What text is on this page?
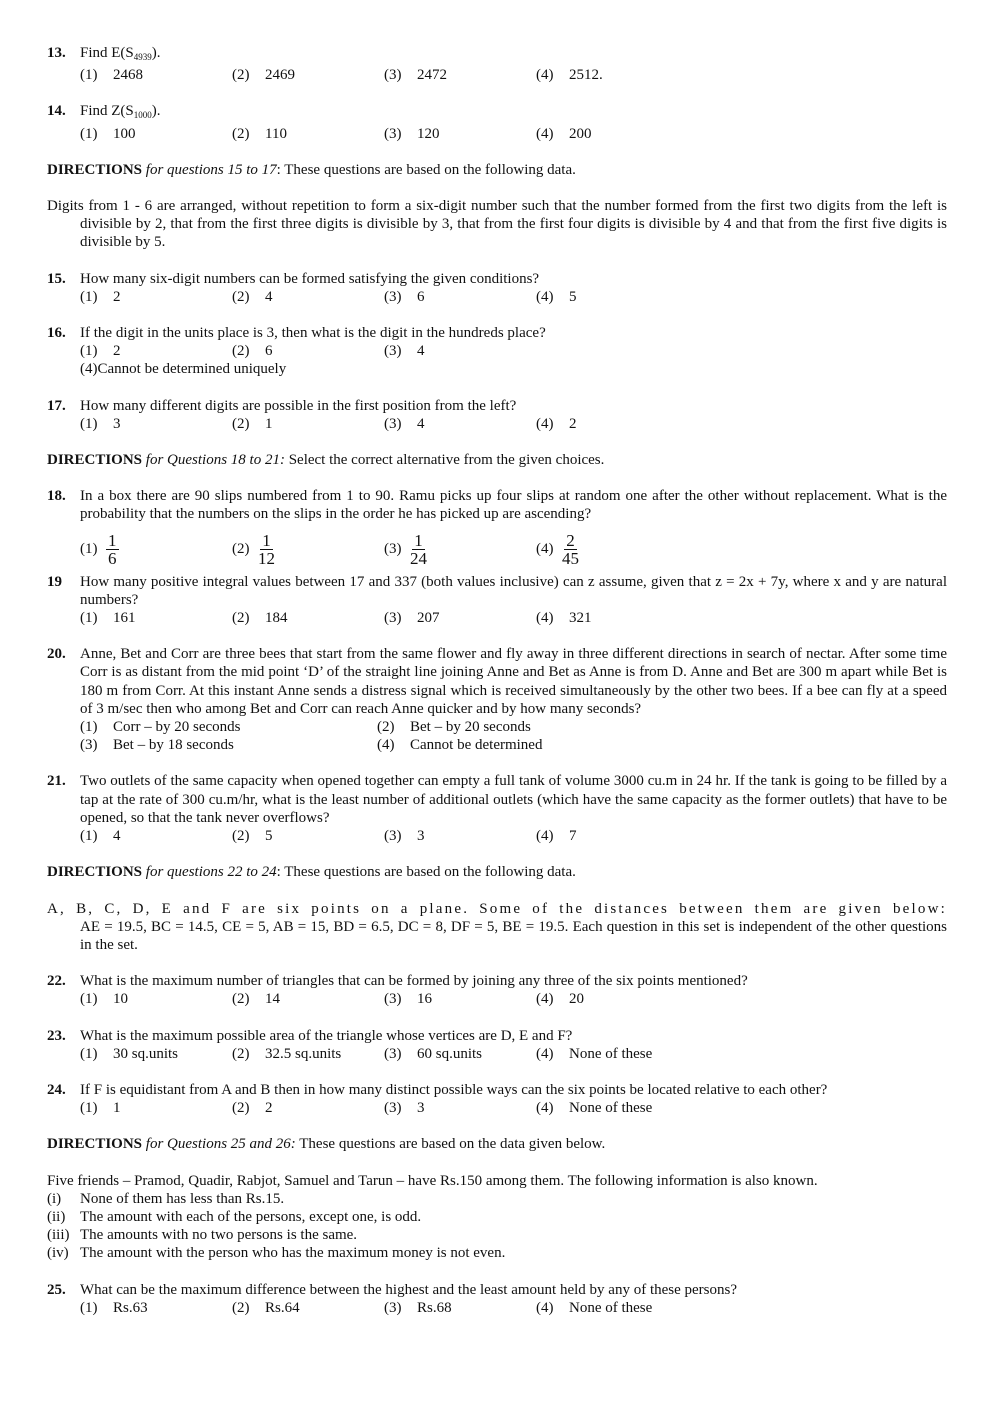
13. Find $E(S_{4939})$.
(1)	2468	(2)	2469	(3)	2472	(4)	2512.
14. Find $Z(S_{1000})$.
(1)	100	(2)	110	(3)	120	(4)	200
DIRECTIONS for questions 15 to 17: These questions are based on the following data.
Digits from 1 - 6 are arranged, without repetition to form a six-digit number such that the number formed from the first two digits from the left is divisible by 2, that from the first three digits is divisible by 3, that from the first four digits is divisible by 4 and that from the first five digits is divisible by 5.
15. How many six-digit numbers can be formed satisfying the given conditions?
(1)	2	(2)	4	(3)	6	(4)	5
16. If the digit in the units place is 3, then what is the digit in the hundreds place?
(1)	2	(2)	6	(3)	4
(4) Cannot be determined uniquely
17. How many different digits are possible in the first position from the left?
(1)	3	(2)	1	(3)	4	(4)	2
DIRECTIONS for Questions 18 to 21: Select the correct alternative from the given choices.
18. In a box there are 90 slips numbered from 1 to 90. Ramu picks up four slips at random one after the other without replacement. What is the probability that the numbers on the slips in the order he has picked up are ascending?
$(1) \frac{1}{6}$	$(2) \frac{1}{12}$	$(3) \frac{1}{24}$	$(4) \frac{2}{45}$
19 How many positive integral values between 17 and 337 (both values inclusive) can z assume, given that z = 2x + 7y, where x and y are natural numbers?
(1)	161	(2)	184	(3)	207	(4)	321
20. Anne, Bet and Corr are three bees that start from the same flower and fly away in three different directions in search of nectar. After some time Corr is as distant from the mid point ‘D’ of the straight line joining Anne and Bet as Anne is from D. Anne and Bet are 300 m apart while Bet is 180 m from Corr. At this instant Anne sends a distress signal which is received simultaneously by the other two bees. If a bee can fly at a speed of 3 m/sec then who among Bet and Corr can reach Anne quicker and by how many seconds?
(1)	Corr – by 20 seconds	(2)	Bet – by 20 seconds
(3)	Bet – by 18 seconds	(4)	Cannot be determined
21. Two outlets of the same capacity when opened together can empty a full tank of volume 3000 cu.m in 24 hr. If the tank is going to be filled by a tap at the rate of 300 cu.m/hr, what is the least number of additional outlets (which have the same capacity as the former outlets) that have to be opened, so that the tank never overflows?
(1)	4	(2)	5	(3)	3	(4)	7
DIRECTIONS for questions 22 to 24: These questions are based on the following data.
A, B, C, D, E and F are six points on a plane. Some of the distances between them are given below:
AE = 19.5, BC = 14.5, CE = 5, AB = 15, BD = 6.5, DC = 8, DF = 5, BE = 19.5. Each question in this set is independent of the other questions in the set.
22. What is the maximum number of triangles that can be formed by joining any three of the six points mentioned?
(1)	10	(2)	14	(3)	16	(4)	20
23. What is the maximum possible area of the triangle whose vertices are D, E and F?
(1)	30 sq.units	(2)	32.5 sq.units	(3)	60 sq.units	(4)	None of these
24. If F is equidistant from A and B then in how many distinct possible ways can the six points be located relative to each other?
(1)	1	(2)	2	(3)	3	(4)	None of these
DIRECTIONS for Questions 25 and 26: These questions are based on the data given below.
Five friends – Pramod, Quadir, Rabjot, Samuel and Tarun – have Rs.150 among them. The following information is also known.
(i)	None of them has less than Rs.15.
(ii) The amount with each of the persons, except one, is odd.
(iii) The amounts with no two persons is the same.
(iv) The amount with the person who has the maximum money is not even.
25. What can be the maximum difference between the highest and the least amount held by any of these persons?
(1)	Rs.63	(2)	Rs.64	(3)	Rs.68	(4)	None of these
